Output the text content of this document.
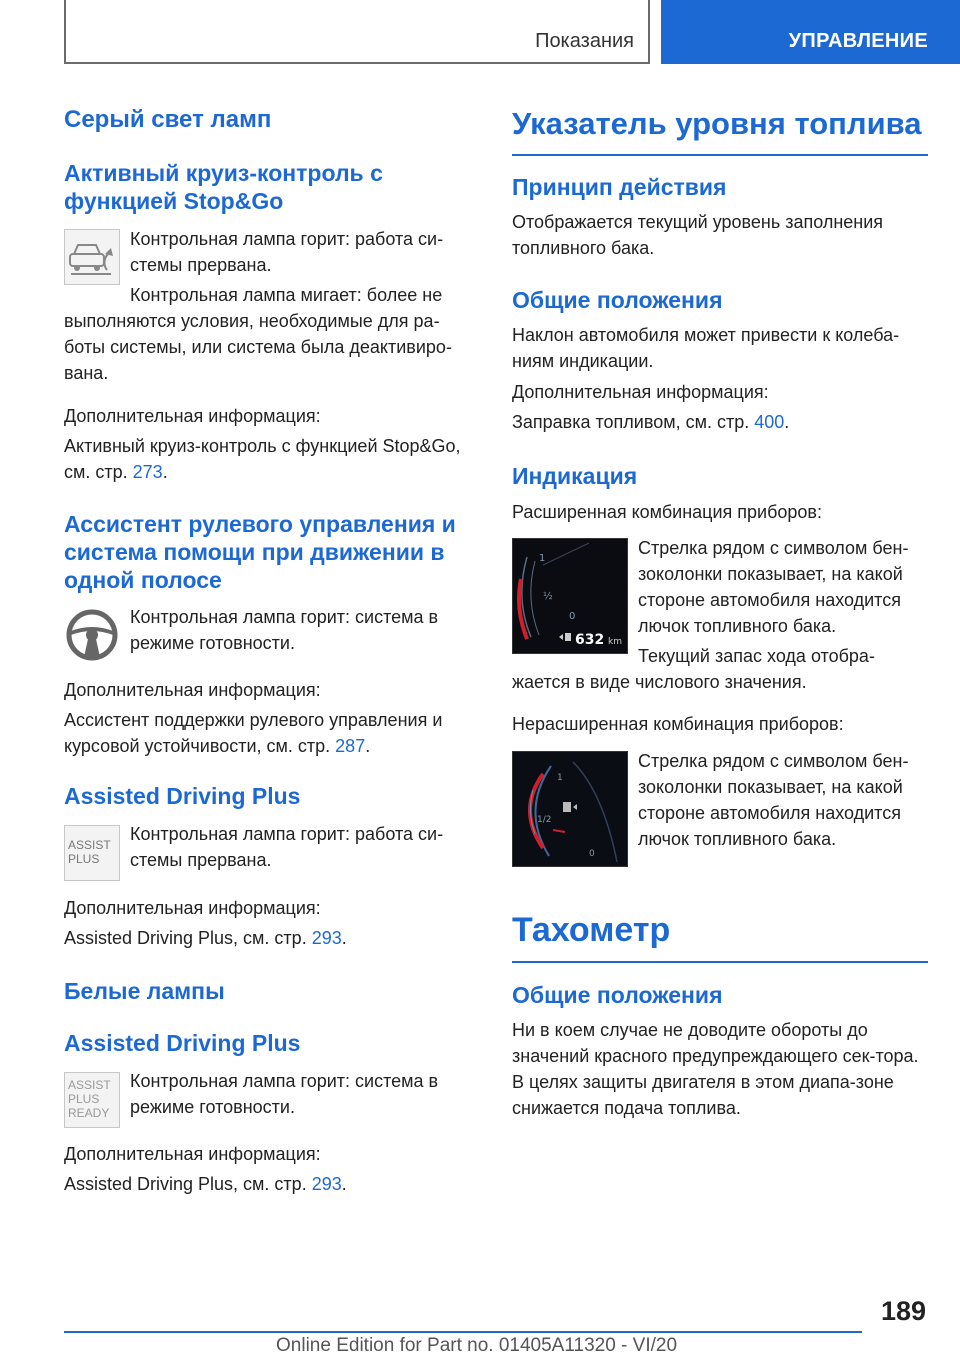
Показания	УПРАВЛЕНИЕ
Серый свет ламп
Активный круиз-контроль с функцией Stop&Go
Контрольная лампа горит: работа си-стемы прервана.
Контрольная лампа мигает: более не выполняются условия, необходимые для ра-боты системы, или система была деактивиро-вана.
Дополнительная информация:
Активный круиз-контроль с функцией Stop&Go, см. стр. 273.
Ассистент рулевого управления и система помощи при движении в одной полосе
Контрольная лампа горит: система в режиме готовности.
Дополнительная информация:
Ассистент поддержки рулевого управления и курсовой устойчивости, см. стр. 287.
Assisted Driving Plus
ASSIST
PLUS
Контрольная лампа горит: работа си-стемы прервана.
Дополнительная информация:
Assisted Driving Plus, см. стр. 293.
Белые лампы
Assisted Driving Plus
ASSIST
PLUS
READY
Контрольная лампа горит: система в режиме готовности.
Дополнительная информация:
Assisted Driving Plus, см. стр. 293.
Указатель уровня топлива
Принцип действия
Отображается текущий уровень заполнения топливного бака.
Общие положения
Наклон автомобиля может привести к колеба-ниям индикации.
Дополнительная информация:
Заправка топливом, см. стр. 400.
Индикация
Расширенная комбинация приборов:
1
½
0
632 km
Стрелка рядом с символом бен-зоколонки показывает, на какой стороне автомобиля находится лючок топливного бака.
Текущий запас хода отобра-жается в виде числового значения.
Нерасширенная комбинация приборов:
1
1/2
0
Стрелка рядом с символом бен-зоколонки показывает, на какой стороне автомобиля находится лючок топливного бака.
Тахометр
Общие положения
Ни в коем случае не доводите обороты до значений красного предупреждающего сек-тора. В целях защиты двигателя в этом диапа-зоне снижается подача топлива.
189
Online Edition for Part no. 01405A11320 - VI/20
